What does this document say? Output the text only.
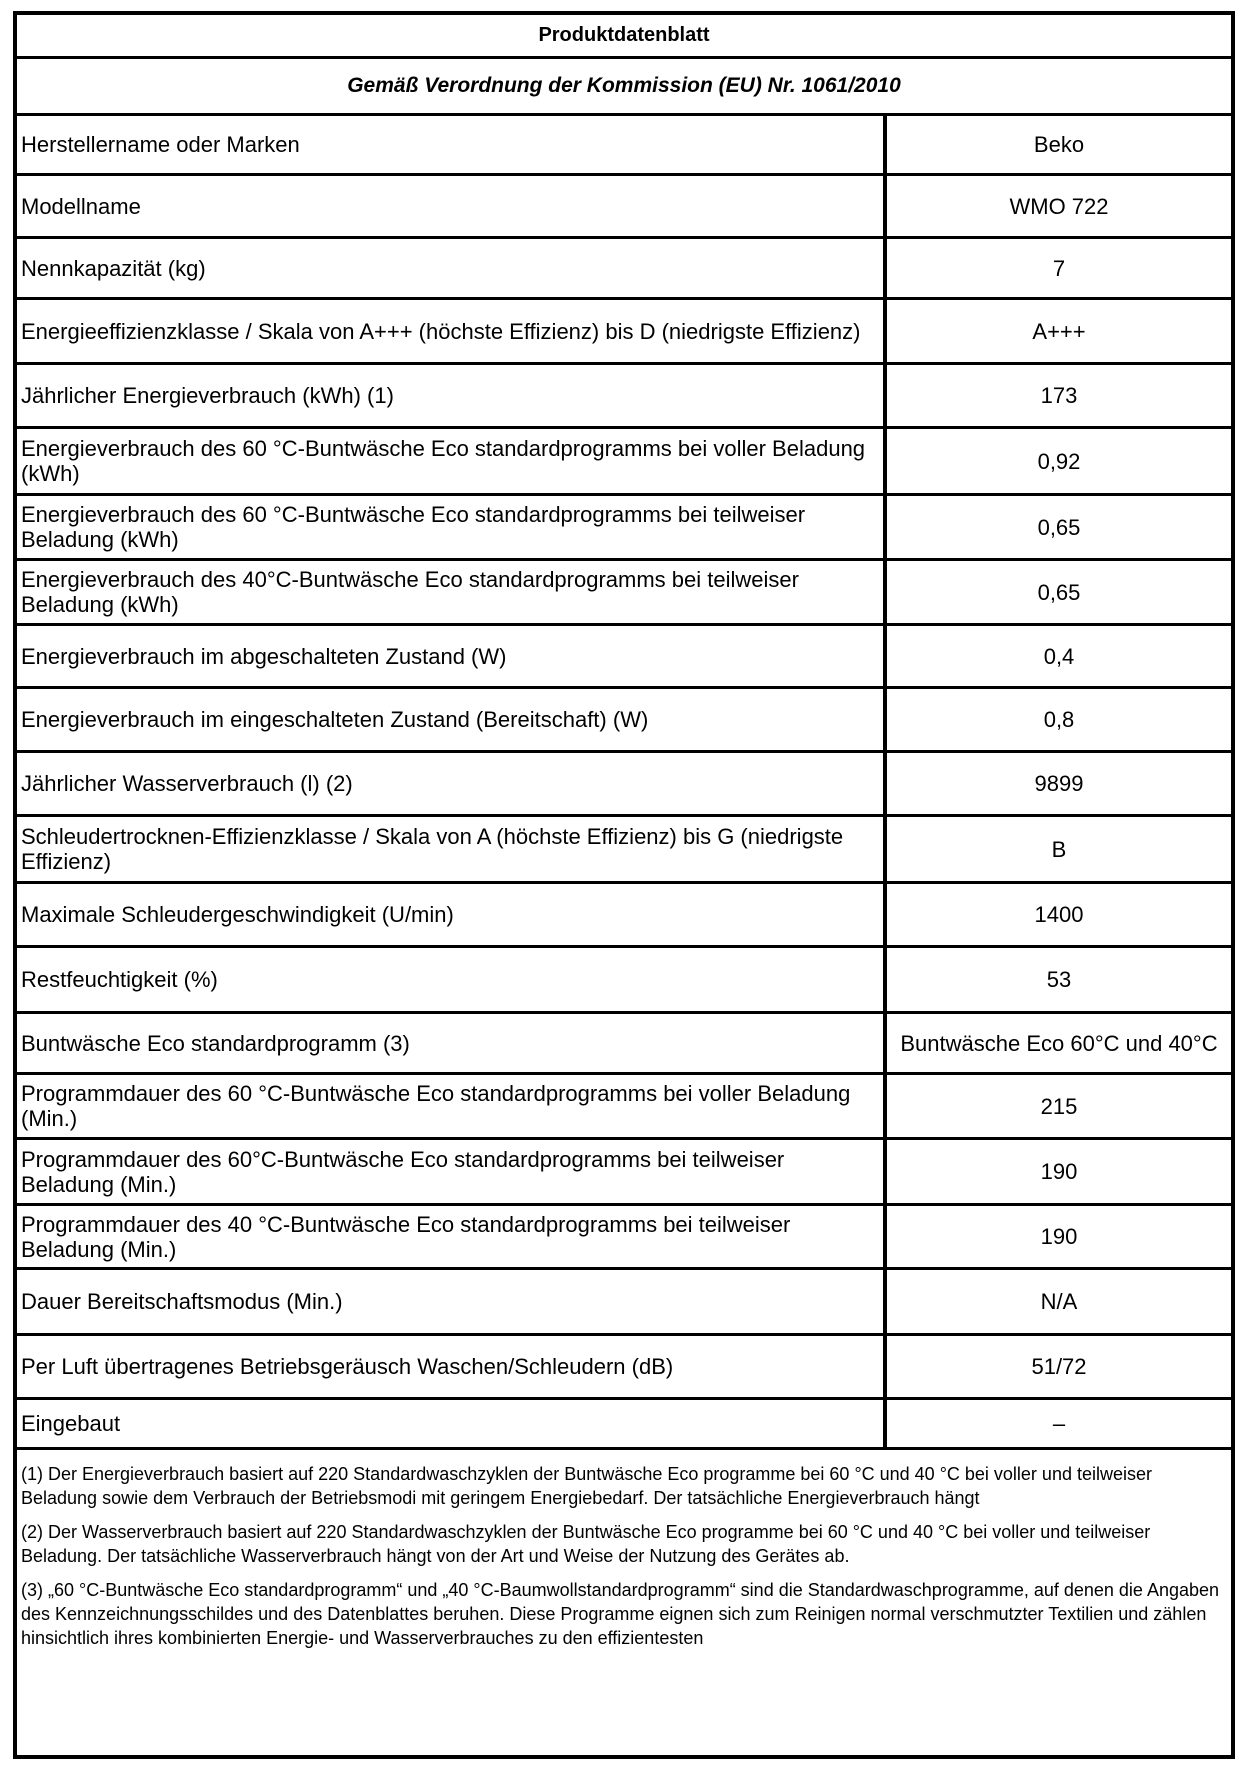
Produktdatenblatt
Gemäß Verordnung der Kommission (EU) Nr. 1061/2010
Herstellername oder Marken	Beko
Modellname	WMO 722
Nennkapazität (kg)	7
Energieeffizienzklasse / Skala von A+++ (höchste Effizienz) bis D (niedrigste Effizienz)	A+++
Jährlicher Energieverbrauch (kWh) (1)	173
Energieverbrauch des 60 °C-Buntwäsche Eco standardprogramms bei voller Beladung (kWh)	0,92
Energieverbrauch des 60 °C-Buntwäsche Eco standardprogramms bei teilweiser Beladung (kWh)	0,65
Energieverbrauch des 40°C-Buntwäsche Eco standardprogramms bei teilweiser Beladung (kWh)	0,65
Energieverbrauch im abgeschalteten Zustand (W)	0,4
Energieverbrauch im eingeschalteten Zustand (Bereitschaft) (W)	0,8
Jährlicher Wasserverbrauch (l) (2)	9899
Schleudertrocknen-Effizienzklasse / Skala von A (höchste Effizienz) bis G (niedrigste Effizienz)	B
Maximale Schleudergeschwindigkeit (U/min)	1400
Restfeuchtigkeit (%)	53
Buntwäsche Eco standardprogramm (3)	Buntwäsche Eco 60°C und 40°C
Programmdauer des 60 °C-Buntwäsche Eco standardprogramms bei voller Beladung (Min.)	215
Programmdauer des 60°C-Buntwäsche Eco standardprogramms bei teilweiser Beladung (Min.)	190
Programmdauer des 40 °C-Buntwäsche Eco standardprogramms bei teilweiser Beladung (Min.)	190
Dauer Bereitschaftsmodus (Min.)	N/A
Per Luft übertragenes Betriebsgeräusch Waschen/Schleudern (dB)	51/72
Eingebaut	–

(1) Der Energieverbrauch basiert auf 220 Standardwaschzyklen der Buntwäsche Eco programme bei 60 °C und 40 °C bei voller und teilweiser Beladung sowie dem Verbrauch der Betriebsmodi mit geringem Energiebedarf. Der tatsächliche Energieverbrauch hängt

(2) Der Wasserverbrauch basiert auf 220 Standardwaschzyklen der Buntwäsche Eco programme bei 60 °C und 40 °C bei voller und teilweiser Beladung. Der tatsächliche Wasserverbrauch hängt von der Art und Weise der Nutzung des Gerätes ab.

(3) „60 °C-Buntwäsche Eco standardprogramm“ und „40 °C-Baumwollstandardprogramm“ sind die Standardwaschprogramme, auf denen die Angaben des Kennzeichnungsschildes und des Datenblattes beruhen. Diese Programme eignen sich zum Reinigen normal verschmutzter Textilien und zählen hinsichtlich ihres kombinierten Energie- und Wasserverbrauches zu den effizientesten
